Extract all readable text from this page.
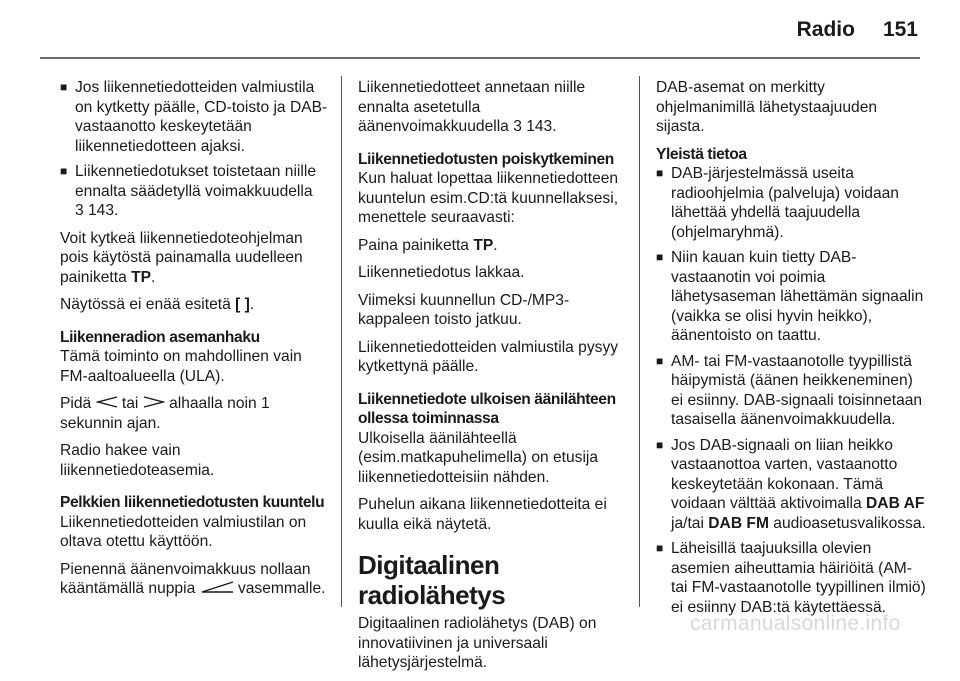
Radio 151
■ Jos liikennetiedotteiden valmiustila on kytketty päälle, CD-toisto ja DAB-vastaanotto keskeytetään liikennetiedotteen ajaksi.
■ Liikennetiedotukset toistetaan niille ennalta säädetyllä voimakkuudella
3 143.

Voit kytkeä liikennetiedoteohjelman pois käytöstä painamalla uudelleen painiketta TP.

Näytössä ei enää esitetä [ ].

Liikenneradion asemanhaku

Tämä toiminto on mahdollinen vain FM-aaltoalueella (ULA).

Pidä tai alhaalla noin 1 sekunnin ajan.

Radio hakee vain liikennetiedoteasemia.

Pelkkien liikennetiedotusten kuuntelu

Liikennetiedotteiden valmiustilan on oltava otettu käyttöön.

Pienennä äänenvoimakkuus nollaan kääntämällä nuppia	vasemmalle.

Liikennetiedotteet annetaan niille ennalta asetetulla äänenvoimakkuudella 3 143.

Liikennetiedotusten poiskytkeminen

Kun haluat lopettaa liikennetiedotteen kuuntelun esim.CD:tä kuunnellaksesi, menettele seuraavasti:

Paina painiketta TP.

Liikennetiedotus lakkaa.

Viimeksi kuunnellun CD-/MP3-kappaleen toisto jatkuu.

Liikennetiedotteiden valmiustila pysyy kytkettynä päälle.

Liikennetiedote ulkoisen äänilähteen ollessa toiminnassa

Ulkoisella äänilähteellä (esim.matkapuhelimella) on etusija liikennetiedotteisiin nähden.

Puhelun aikana liikennetiedotteita ei kuulla eikä näytetä.

Digitaalinen radiolähetys

Digitaalinen radiolähetys (DAB) on innovatiivinen ja universaali lähetysjärjestelmä.

DAB-asemat on merkitty ohjelmanimillä lähetystaajuuden sijasta.

Yleistä tietoa
■ DAB-järjestelmässä useita radioohjelmia (palveluja) voidaan lähettää yhdellä taajuudella (ohjelmaryhmä).
■ Niin kauan kuin tietty DAB-vastaanotin voi poimia lähetysaseman lähettämän signaalin (vaikka se olisi hyvin heikko), äänentoisto on taattu.
■ AM- tai FM-vastaanotolle tyypillistä häipymistä (äänen heikkeneminen) ei esiinny. DAB-signaali toisinnetaan tasaisella äänenvoimakkuudella.
■ Jos DAB-signaali on liian heikko vastaanottoa varten, vastaanotto keskeytetään kokonaan. Tämä voidaan välttää aktivoimalla DAB AF ja/tai DAB FM audioasetusvalikossa.
■ Läheisillä taajuuksilla olevien asemien aiheuttamia häiriöitä (AM- tai FM-vastaanotolle tyypillinen ilmiö) ei esiinny DAB:tä käytettäessä.
carmanualsonline.info
